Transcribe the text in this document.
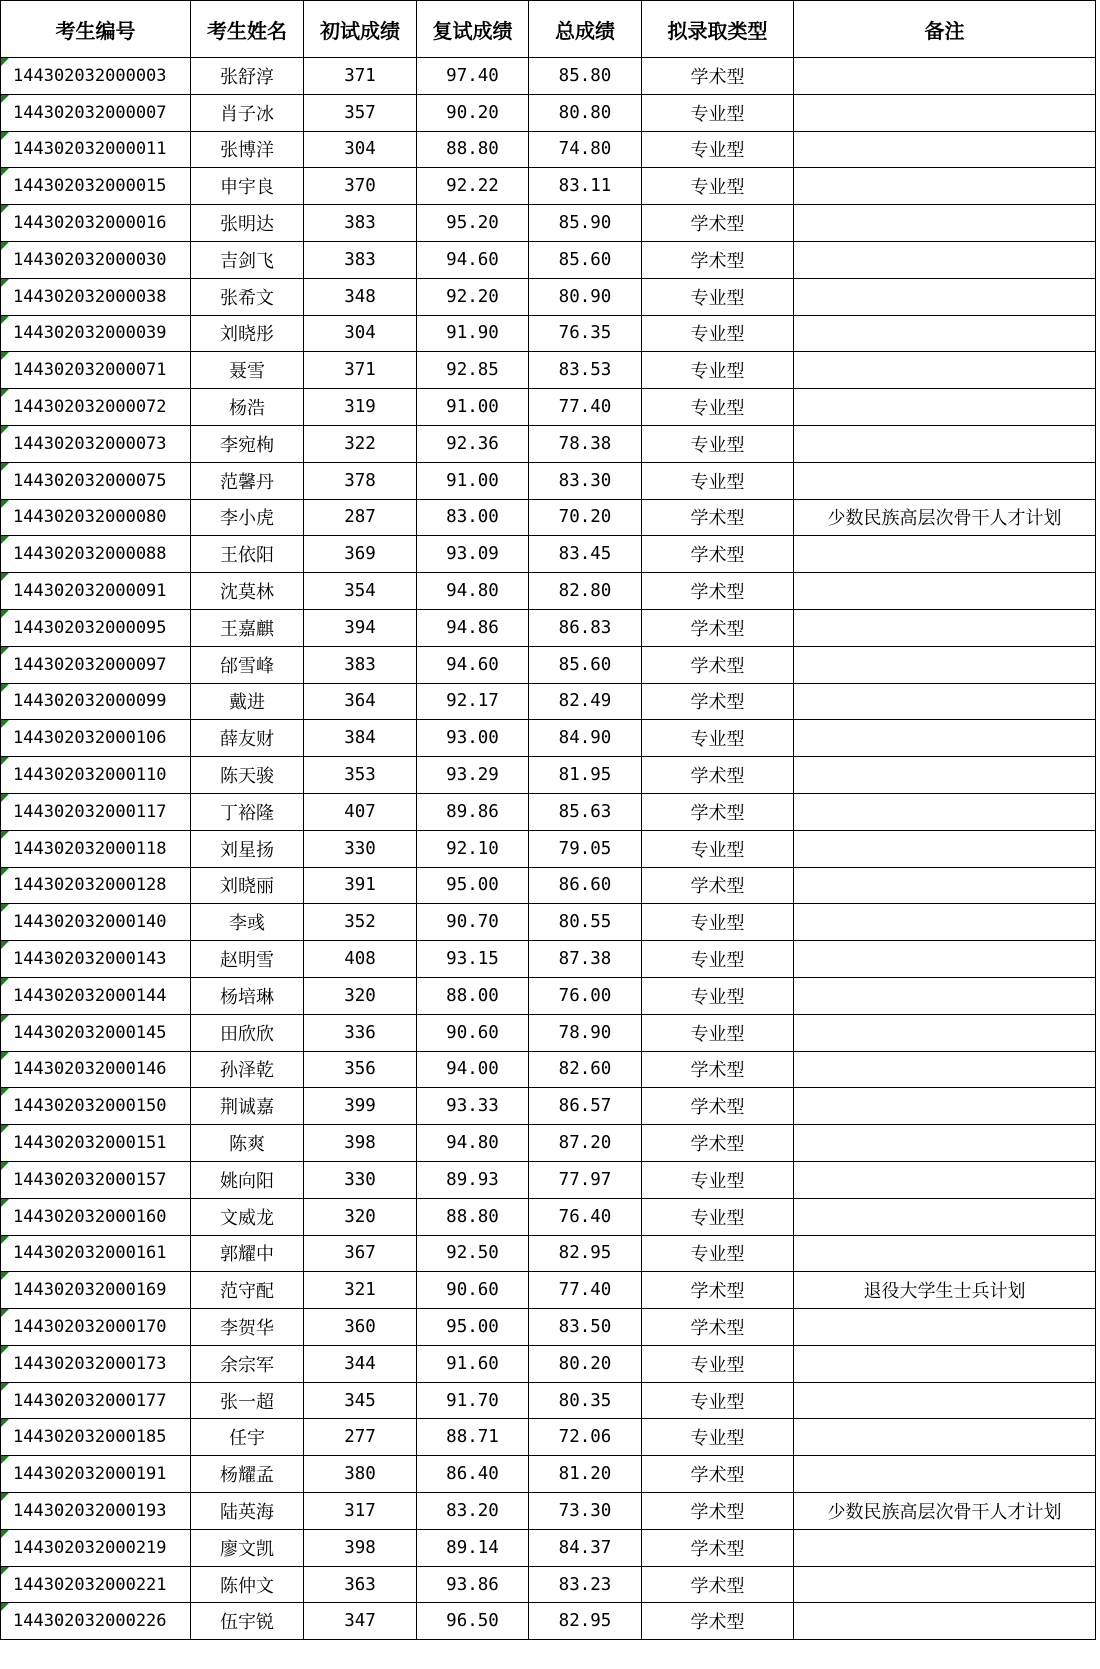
考生编号	考生姓名	初试成绩	复试成绩	总成绩	拟录取类型	备注

144302032000003	张舒淳	371	97.40	85.80	学术型	

144302032000007	肖子冰	357	90.20	80.80	专业型	

144302032000011	张博洋	304	88.80	74.80	专业型	

144302032000015	申宇良	370	92.22	83.11	专业型	

144302032000016	张明达	383	95.20	85.90	学术型	

144302032000030	吉剑飞	383	94.60	85.60	学术型	

144302032000038	张希文	348	92.20	80.90	专业型	

144302032000039	刘晓彤	304	91.90	76.35	专业型	

144302032000071	聂雪	371	92.85	83.53	专业型	

144302032000072	杨浩	319	91.00	77.40	专业型	

144302032000073	李宛栒	322	92.36	78.38	专业型	

144302032000075	范馨丹	378	91.00	83.30	专业型	

144302032000080	李小虎	287	83.00	70.20	学术型	少数民族高层次骨干人才计划

144302032000088	王依阳	369	93.09	83.45	学术型	

144302032000091	沈莫林	354	94.80	82.80	学术型	

144302032000095	王嘉麒	394	94.86	86.83	学术型	

144302032000097	邰雪峰	383	94.60	85.60	学术型	

144302032000099	戴进	364	92.17	82.49	学术型	

144302032000106	薛友财	384	93.00	84.90	专业型	

144302032000110	陈天骏	353	93.29	81.95	学术型	

144302032000117	丁裕隆	407	89.86	85.63	学术型	

144302032000118	刘星扬	330	92.10	79.05	专业型	

144302032000128	刘晓丽	391	95.00	86.60	学术型	

144302032000140	李彧	352	90.70	80.55	专业型	

144302032000143	赵明雪	408	93.15	87.38	专业型	

144302032000144	杨培琳	320	88.00	76.00	专业型	

144302032000145	田欣欣	336	90.60	78.90	专业型	

144302032000146	孙泽乾	356	94.00	82.60	学术型	

144302032000150	荆诚嘉	399	93.33	86.57	学术型	

144302032000151	陈爽	398	94.80	87.20	学术型	

144302032000157	姚向阳	330	89.93	77.97	专业型	

144302032000160	文威龙	320	88.80	76.40	专业型	

144302032000161	郭耀中	367	92.50	82.95	专业型	

144302032000169	范守配	321	90.60	77.40	学术型	退役大学生士兵计划

144302032000170	李贺华	360	95.00	83.50	学术型	

144302032000173	余宗军	344	91.60	80.20	专业型	

144302032000177	张一超	345	91.70	80.35	专业型	

144302032000185	任宇	277	88.71	72.06	专业型	

144302032000191	杨耀孟	380	86.40	81.20	学术型	

144302032000193	陆英海	317	83.20	73.30	学术型	少数民族高层次骨干人才计划

144302032000219	廖文凯	398	89.14	84.37	学术型	

144302032000221	陈仲文	363	93.86	83.23	学术型	

144302032000226	伍宇锐	347	96.50	82.95	学术型	
